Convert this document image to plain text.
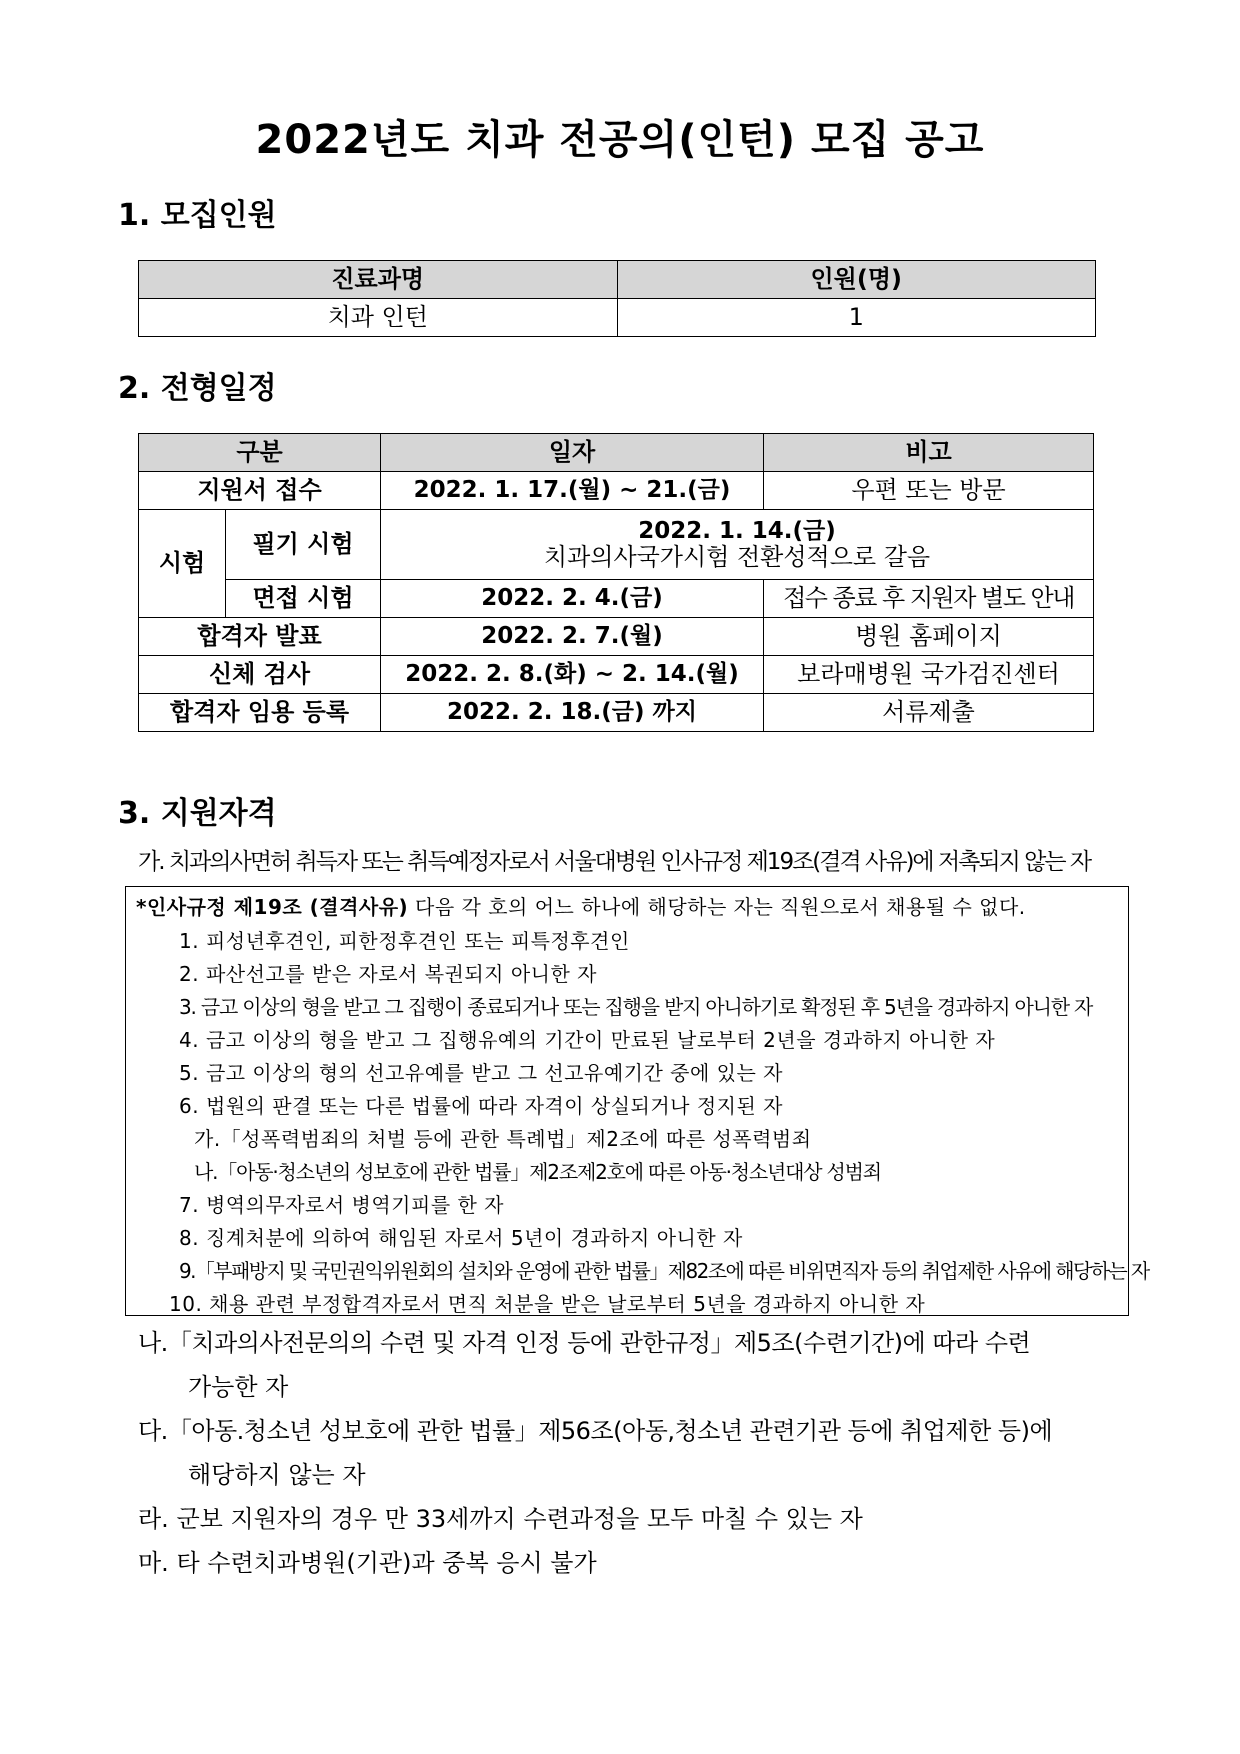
2022년도 치과 전공의(인턴) 모집 공고
1. 모집인원
진료과명	인원(명)
치과 인턴	1
2. 전형일정
구분		일자	비고
지원서 접수		2022. 1. 17.(월) ~ 21.(금)	우편 또는 방문
시험	필기 시험	2022. 1. 14.(금)
치과의사국가시험 전환성적으로 갈음	

	면접 시험	2022. 2. 4.(금)	접수 종료 후 지원자 별도 안내
합격자 발표		2022. 2. 7.(월)	병원 홈페이지
신체 검사		2022. 2. 8.(화) ~ 2. 14.(월)	보라매병원 국가검진센터
합격자 임용 등록		2022. 2. 18.(금) 까지	서류제출
3. 지원자격
가. 치과의사면허 취득자 또는 취득예정자로서 서울대병원 인사규정 제19조(결격 사유)에 저촉되지 않는 자
*인사규정 제19조 (결격사유) 다음 각 호의 어느 하나에 해당하는 자는 직원으로서 채용될 수 없다.
1. 피성년후견인, 피한정후견인 또는 피특정후견인
2. 파산선고를 받은 자로서 복권되지 아니한 자
3. 금고 이상의 형을 받고 그 집행이 종료되거나 또는 집행을 받지 아니하기로 확정된 후 5년을 경과하지 아니한 자
4. 금고 이상의 형을 받고 그 집행유예의 기간이 만료된 날로부터 2년을 경과하지 아니한 자
5. 금고 이상의 형의 선고유예를 받고 그 선고유예기간 중에 있는 자
6. 법원의 판결 또는 다른 법률에 따라 자격이 상실되거나 정지된 자
가.「성폭력범죄의 처벌 등에 관한 특례법」제2조에 따른 성폭력범죄
나.「아동·청소년의 성보호에 관한 법률」제2조제2호에 따른 아동·청소년대상 성범죄
7. 병역의무자로서 병역기피를 한 자
8. 징계처분에 의하여 해임된 자로서 5년이 경과하지 아니한 자
9.「부패방지 및 국민권익위원회의 설치와 운영에 관한 법률」제82조에 따른 비위면직자 등의 취업제한 사유에 해당하는 자
10. 채용 관련 부정합격자로서 면직 처분을 받은 날로부터 5년을 경과하지 아니한 자
나.「치과의사전문의의 수련 및 자격 인정 등에 관한규정」제5조(수련기간)에 따라 수련
가능한 자
다.「아동.청소년 성보호에 관한 법률」제56조(아동,청소년 관련기관 등에 취업제한 등)에
해당하지 않는 자
라. 군보 지원자의 경우 만 33세까지 수련과정을 모두 마칠 수 있는 자
마. 타 수련치과병원(기관)과 중복 응시 불가
